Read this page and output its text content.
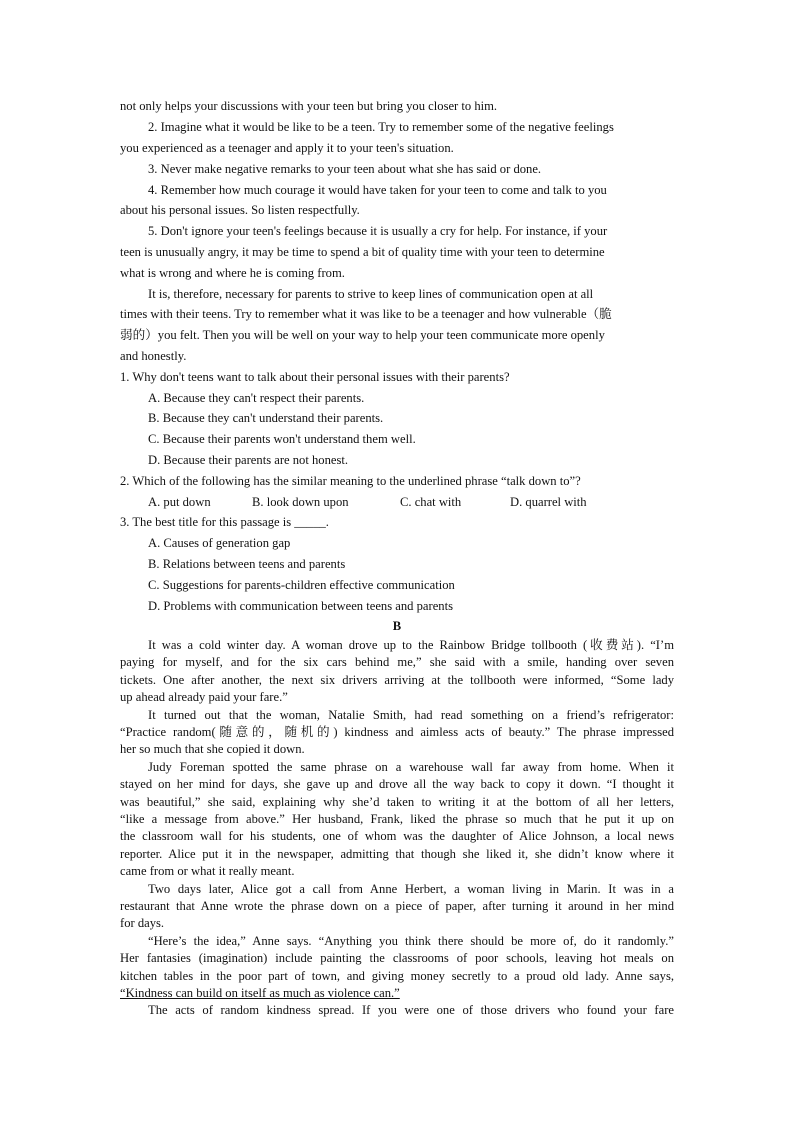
not only helps your discussions with your teen but bring you closer to him.
2. Imagine what it would be like to be a teen. Try to remember some of the negative feelings
you experienced as a teenager and apply it to your teen's situation.
3. Never make negative remarks to your teen about what she has said or done.
4. Remember how much courage it would have taken for your teen to come and talk to you
about his personal issues. So listen respectfully.
5. Don't ignore your teen's feelings because it is usually a cry for help. For instance, if your
teen is unusually angry, it may be time to spend a bit of quality time with your teen to determine
what is wrong and where he is coming from.
It is, therefore, necessary for parents to strive to keep lines of communication open at all
times with their teens. Try to remember what it was like to be a teenager and how vulnerable（脆
弱的）you felt. Then you will be well on your way to help your teen communicate more openly
and honestly.
1. Why don't teens want to talk about their personal issues with their parents?
A. Because they can't respect their parents.
B. Because they can't understand their parents.
C. Because their parents won't understand them well.
D. Because their parents are not honest.
2. Which of the following has the similar meaning to the underlined phrase “talk down to”?
A. put down	B. look down upon	C. chat with	D. quarrel with
3. The best title for this passage is _____.
A. Causes of generation gap
B. Relations between teens and parents
C. Suggestions for parents-children effective communication
D. Problems with communication between teens and parents
B
It was a cold winter day. A woman drove up to the Rainbow Bridge tollbooth (收费站). “I’m
paying for myself, and for the six cars behind me,” she said with a smile, handing over seven
tickets. One after another, the next six drivers arriving at the tollbooth were informed, “Some lady
up ahead already paid your fare.”
It turned out that the woman, Natalie Smith, had read something on a friend’s refrigerator:
“Practice random(随意的，随机的) kindness and aimless acts of beauty.” The phrase impressed
her so much that she copied it down.
Judy Foreman spotted the same phrase on a warehouse wall far away from home. When it
stayed on her mind for days, she gave up and drove all the way back to copy it down. “I thought it
was beautiful,” she said, explaining why she’d taken to writing it at the bottom of all her letters,
“like a message from above.” Her husband, Frank, liked the phrase so much that he put it up on
the classroom wall for his students, one of whom was the daughter of Alice Johnson, a local news
reporter. Alice put it in the newspaper, admitting that though she liked it, she didn’t know where it
came from or what it really meant.
Two days later, Alice got a call from Anne Herbert, a woman living in Marin. It was in a
restaurant that Anne wrote the phrase down on a piece of paper, after turning it around in her mind
for days.
“Here’s the idea,” Anne says. “Anything you think there should be more of, do it randomly.”
Her fantasies (imagination) include painting the classrooms of poor schools, leaving hot meals on
kitchen tables in the poor part of town, and giving money secretly to a proud old lady. Anne says,
“Kindness can build on itself as much as violence can.”
The acts of random kindness spread. If you were one of those drivers who found your fare
